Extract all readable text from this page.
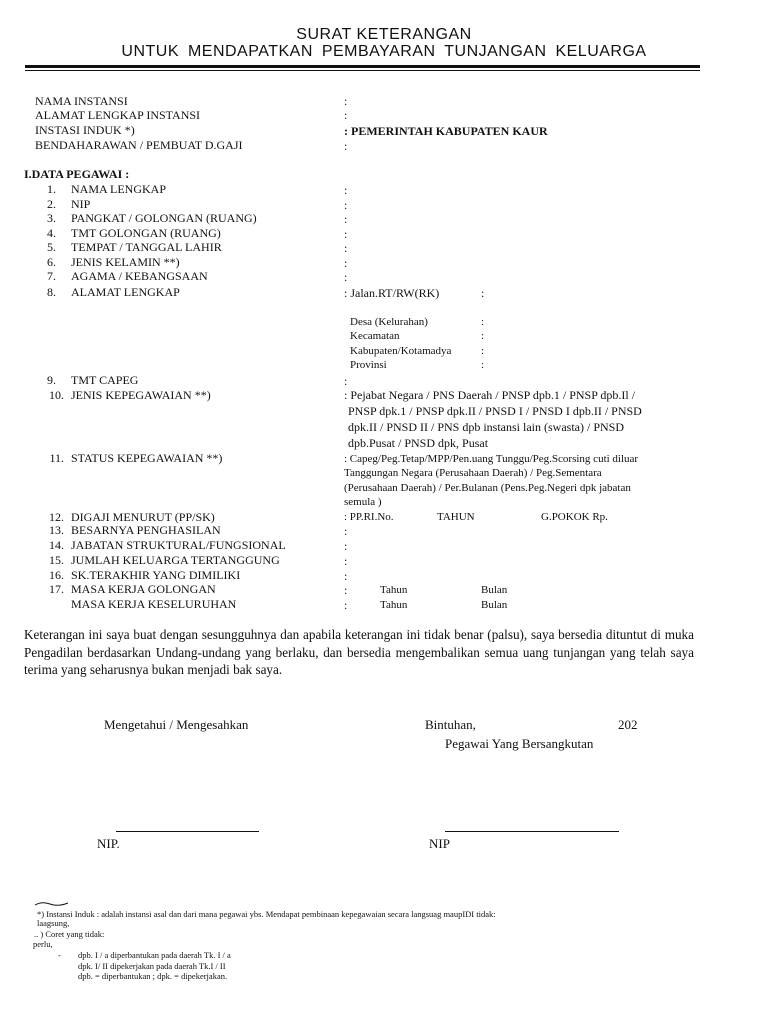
SURAT KETERANGAN
UNTUK MENDAPATKAN PEMBAYARAN TUNJANGAN KELUARGA
NAMA INSTANSI	:
ALAMAT LENGKAP INSTANSI	:
INSTASI INDUK *)	: PEMERINTAH KABUPATEN KAUR
BENDAHARAWAN / PEMBUAT D.GAJI	:
I.DATA PEGAWAI :
1. NAMA LENGKAP	:
2. NIP	:
3. PANGKAT / GOLONGAN (RUANG)	:
4. TMT GOLONGAN (RUANG)	:
5. TEMPAT / TANGGAL LAHIR	:
6. JENIS KELAMIN **)	:
7. AGAMA / KEBANGSAAN	:
8. ALAMAT LENGKAP	: Jalan.RT/RW(RK)	:
Desa (Kelurahan)	:
Kecamatan	:
Kabupaten/Kotamadya	:
Provinsi	:
9. TMT CAPEG	:
10. JENIS KEPEGAWAIAN **)	: Pejabat Negara / PNS Daerah / PNSP dpb.1 / PNSP dpb.Il /
PNSP dpk.1 / PNSP dpk.II / PNSD I / PNSD I dpb.II / PNSD
dpk.II / PNSD II / PNS dpb instansi lain (swasta) / PNSD
dpb.Pusat / PNSD dpk, Pusat
11. STATUS KEPEGAWAIAN **)	: Capeg/Peg.Tetap/MPP/Pen.uang Tunggu/Peg.Scorsing cuti diluar
Tanggungan Negara (Perusahaan Daerah) / Peg.Sementara
(Perusahaan Daerah) / Per.Bulanan (Pens.Peg.Negeri dpk jabatan
semula )
12. DIGAJI MENURUT (PP/SK)	: PP.RI.No.	TAHUN	G.POKOK Rp.
13. BESARNYA PENGHASILAN	:
14. JABATAN STRUKTURAL/FUNGSIONAL	:
15. JUMLAH KELUARGA TERTANGGUNG	:
16. SK.TERAKHIR YANG DIMILIKI	:
17. MASA KERJA GOLONGAN	:	Tahun	Bulan
MASA KERJA KESELURUHAN	:	Tahun	Bulan
Keterangan ini saya buat dengan sesungguhnya dan apabila keterangan ini tidak benar (palsu), saya bersedia dituntut di muka Pengadilan berdasarkan Undang-undang yang berlaku, dan bersedia mengembalikan semua uang tunjangan yang telah saya terima yang seharusnya bukan menjadi bak saya.
Mengetahui / Mengesahkan	Bintuhan,	202
Pegawai Yang Bersangkutan
NIP.	NIP
*) Instansi Induk : adalah instansi asal dan dari mana pegawai ybs. Mendapat pembinaan kepegawaian secara langsuag maupIDI tidak:
laagsung,
.. ) Coret yang tidak:
perlu,
- dpb. I / a diperbantukan pada daerah Tk. I / a
dpk. I/ II dipekerjakan pada daerah Tk.I / II
dpb. = diperbantukan ; dpk. = dipekerjakan.
